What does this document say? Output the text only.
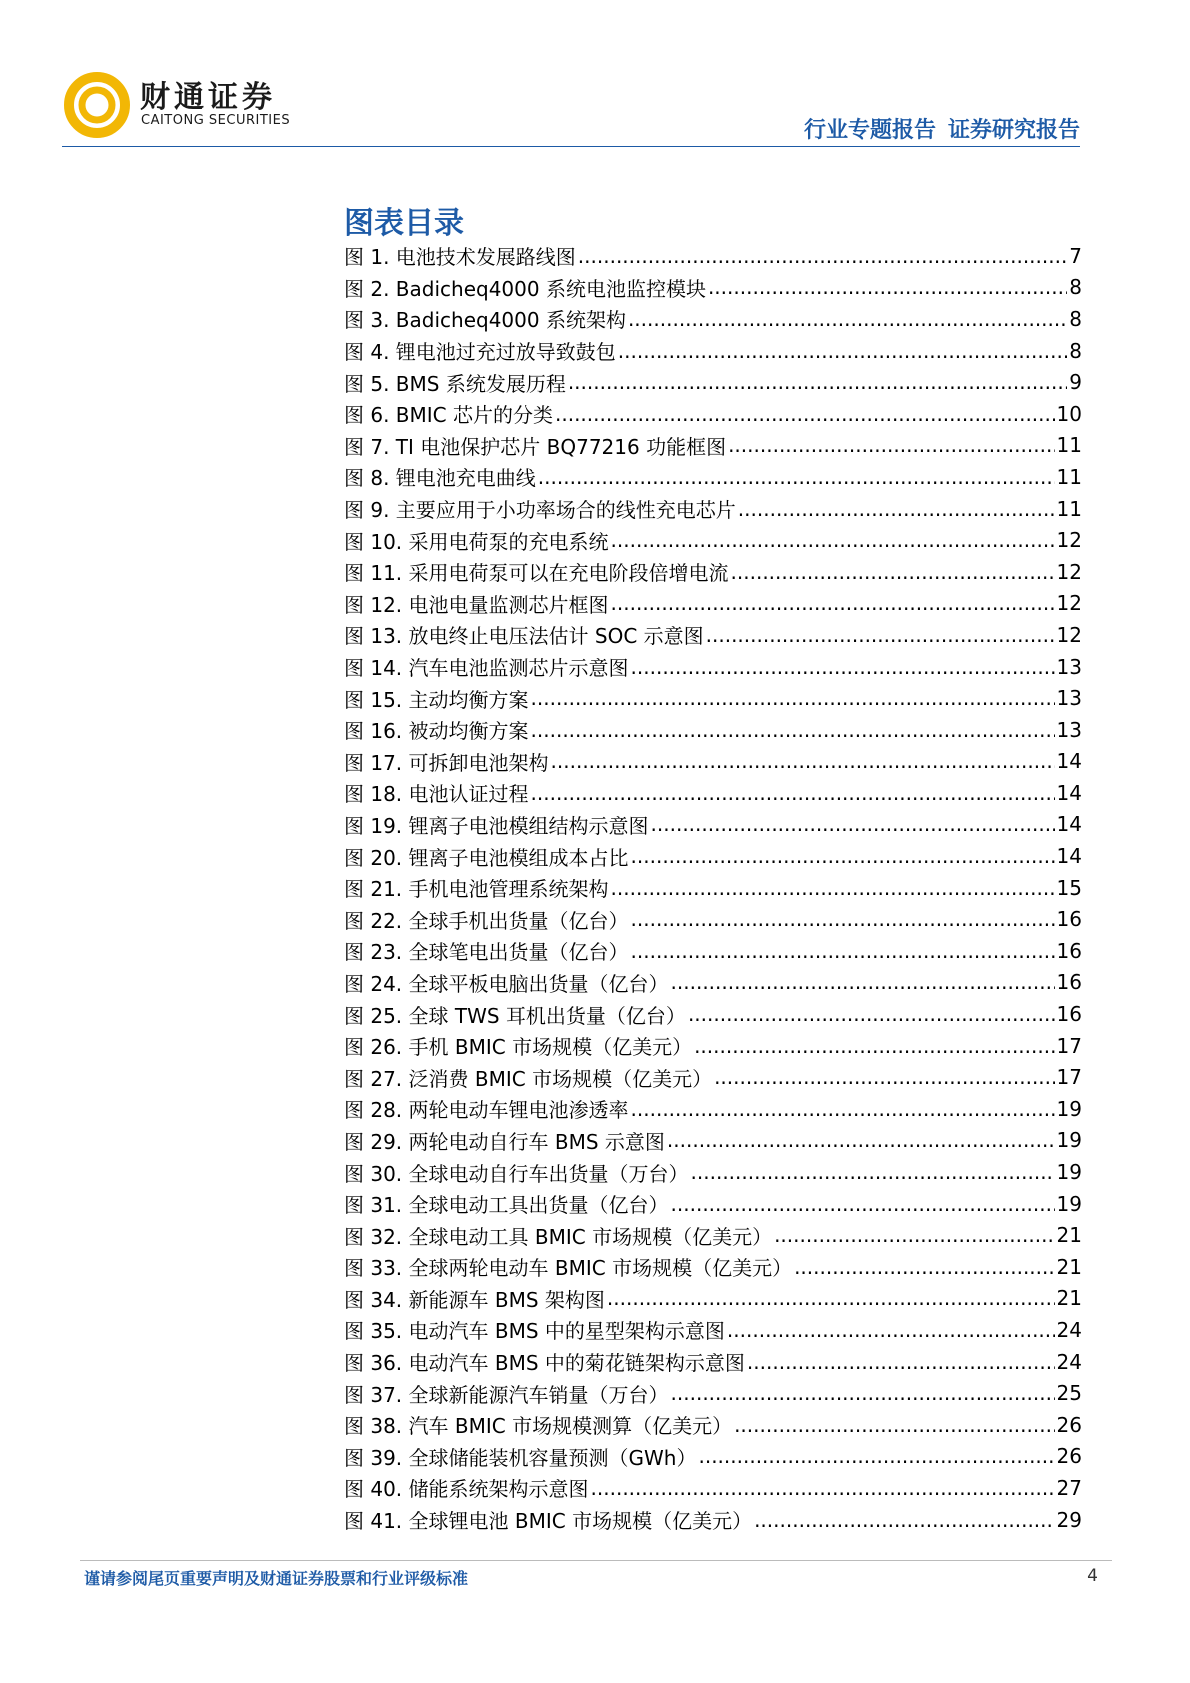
财通证券
CAITONG SECURITIES	行业专题报告 证券研究报告
图表目录
图 1. 电池技术发展路线图 .....	7
图 2. Badicheq4000 系统电池监控模块 .....	8
图 3. Badicheq4000 系统架构 .....	8
图 4. 锂电池过充过放导致鼓包 .....	8
图 5. BMS 系统发展历程 .....	9
图 6. BMIC 芯片的分类 .....	10
图 7. TI 电池保护芯片 BQ77216 功能框图 .....	11
图 8. 锂电池充电曲线 .....	11
图 9. 主要应用于小功率场合的线性充电芯片 .....	11
图 10. 采用电荷泵的充电系统 .....	12
图 11. 采用电荷泵可以在充电阶段倍增电流 .....	12
图 12. 电池电量监测芯片框图 .....	12
图 13. 放电终止电压法估计 SOC 示意图 .....	12
图 14. 汽车电池监测芯片示意图 .....	13
图 15. 主动均衡方案 .....	13
图 16. 被动均衡方案 .....	13
图 17. 可拆卸电池架构 .....	14
图 18. 电池认证过程 .....	14
图 19. 锂离子电池模组结构示意图 .....	14
图 20. 锂离子电池模组成本占比 .....	14
图 21. 手机电池管理系统架构 .....	15
图 22. 全球手机出货量（亿台） .....	16
图 23. 全球笔电出货量（亿台） .....	16
图 24. 全球平板电脑出货量（亿台） .....	16
图 25. 全球 TWS 耳机出货量（亿台） .....	16
图 26. 手机 BMIC 市场规模（亿美元） .....	17
图 27. 泛消费 BMIC 市场规模（亿美元） .....	17
图 28. 两轮电动车锂电池渗透率 .....	19
图 29. 两轮电动自行车 BMS 示意图 .....	19
图 30. 全球电动自行车出货量（万台） .....	19
图 31. 全球电动工具出货量（亿台） .....	19
图 32. 全球电动工具 BMIC 市场规模（亿美元） .....	21
图 33. 全球两轮电动车 BMIC 市场规模（亿美元） .....	21
图 34. 新能源车 BMS 架构图 .....	21
图 35. 电动汽车 BMS 中的星型架构示意图 .....	24
图 36. 电动汽车 BMS 中的菊花链架构示意图 .....	24
图 37. 全球新能源汽车销量（万台） .....	25
图 38. 汽车 BMIC 市场规模测算（亿美元） .....	26
图 39. 全球储能装机容量预测（GWh） .....	26
图 40. 储能系统架构示意图 .....	27
图 41. 全球锂电池 BMIC 市场规模（亿美元） .....	29
谨请参阅尾页重要声明及财通证券股票和行业评级标准	4
